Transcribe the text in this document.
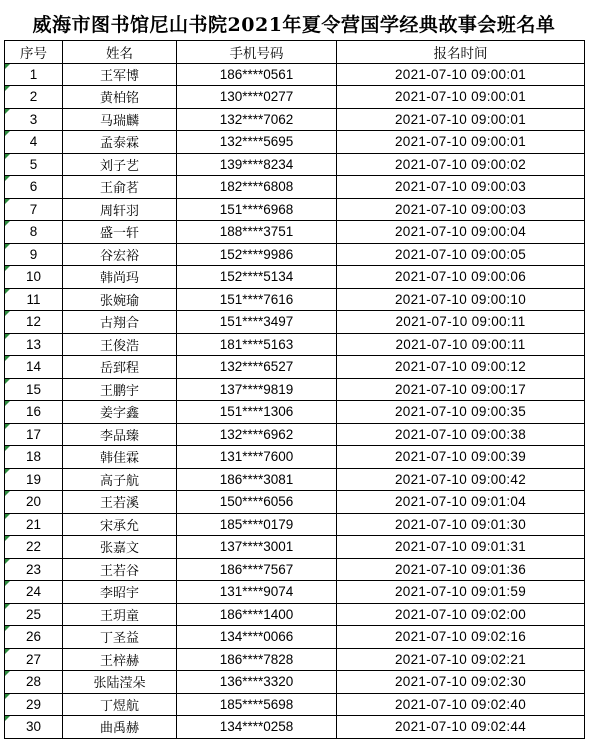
威海市图书馆尼山书院2021年夏令营国学经典故事会班名单
序号	姓名	手机号码	报名时间

1	王军博	186****0561	2021-07-10 09:00:01

2	黄柏铭	130****0277	2021-07-10 09:00:01

3	马瑞麟	132****7062	2021-07-10 09:00:01

4	孟泰霖	132****5695	2021-07-10 09:00:01

5	刘子艺	139****8234	2021-07-10 09:00:02

6	王俞茗	182****6808	2021-07-10 09:00:03

7	周轩羽	151****6968	2021-07-10 09:00:03

8	盛一轩	188****3751	2021-07-10 09:00:04

9	谷宏裕	152****9986	2021-07-10 09:00:05

10	韩尚玛	152****5134	2021-07-10 09:00:06

11	张婉瑜	151****7616	2021-07-10 09:00:10

12	古翔合	151****3497	2021-07-10 09:00:11

13	王俊浩	181****5163	2021-07-10 09:00:11

14	岳郅程	132****6527	2021-07-10 09:00:12

15	王鹏宇	137****9819	2021-07-10 09:00:17

16	姜字鑫	151****1306	2021-07-10 09:00:35

17	李品臻	132****6962	2021-07-10 09:00:38

18	韩佳霖	131****7600	2021-07-10 09:00:39

19	高子航	186****3081	2021-07-10 09:00:42

20	王若溪	150****6056	2021-07-10 09:01:04

21	宋承允	185****0179	2021-07-10 09:01:30

22	张嘉文	137****3001	2021-07-10 09:01:31

23	王若谷	186****7567	2021-07-10 09:01:36

24	李昭宇	131****9074	2021-07-10 09:01:59

25	王玥童	186****1400	2021-07-10 09:02:00

26	丁圣益	134****0066	2021-07-10 09:02:16

27	王梓赫	186****7828	2021-07-10 09:02:21

28	张陆滢朵	136****3320	2021-07-10 09:02:30

29	丁煜航	185****5698	2021-07-10 09:02:40

30	曲禹赫	134****0258	2021-07-10 09:02:44
